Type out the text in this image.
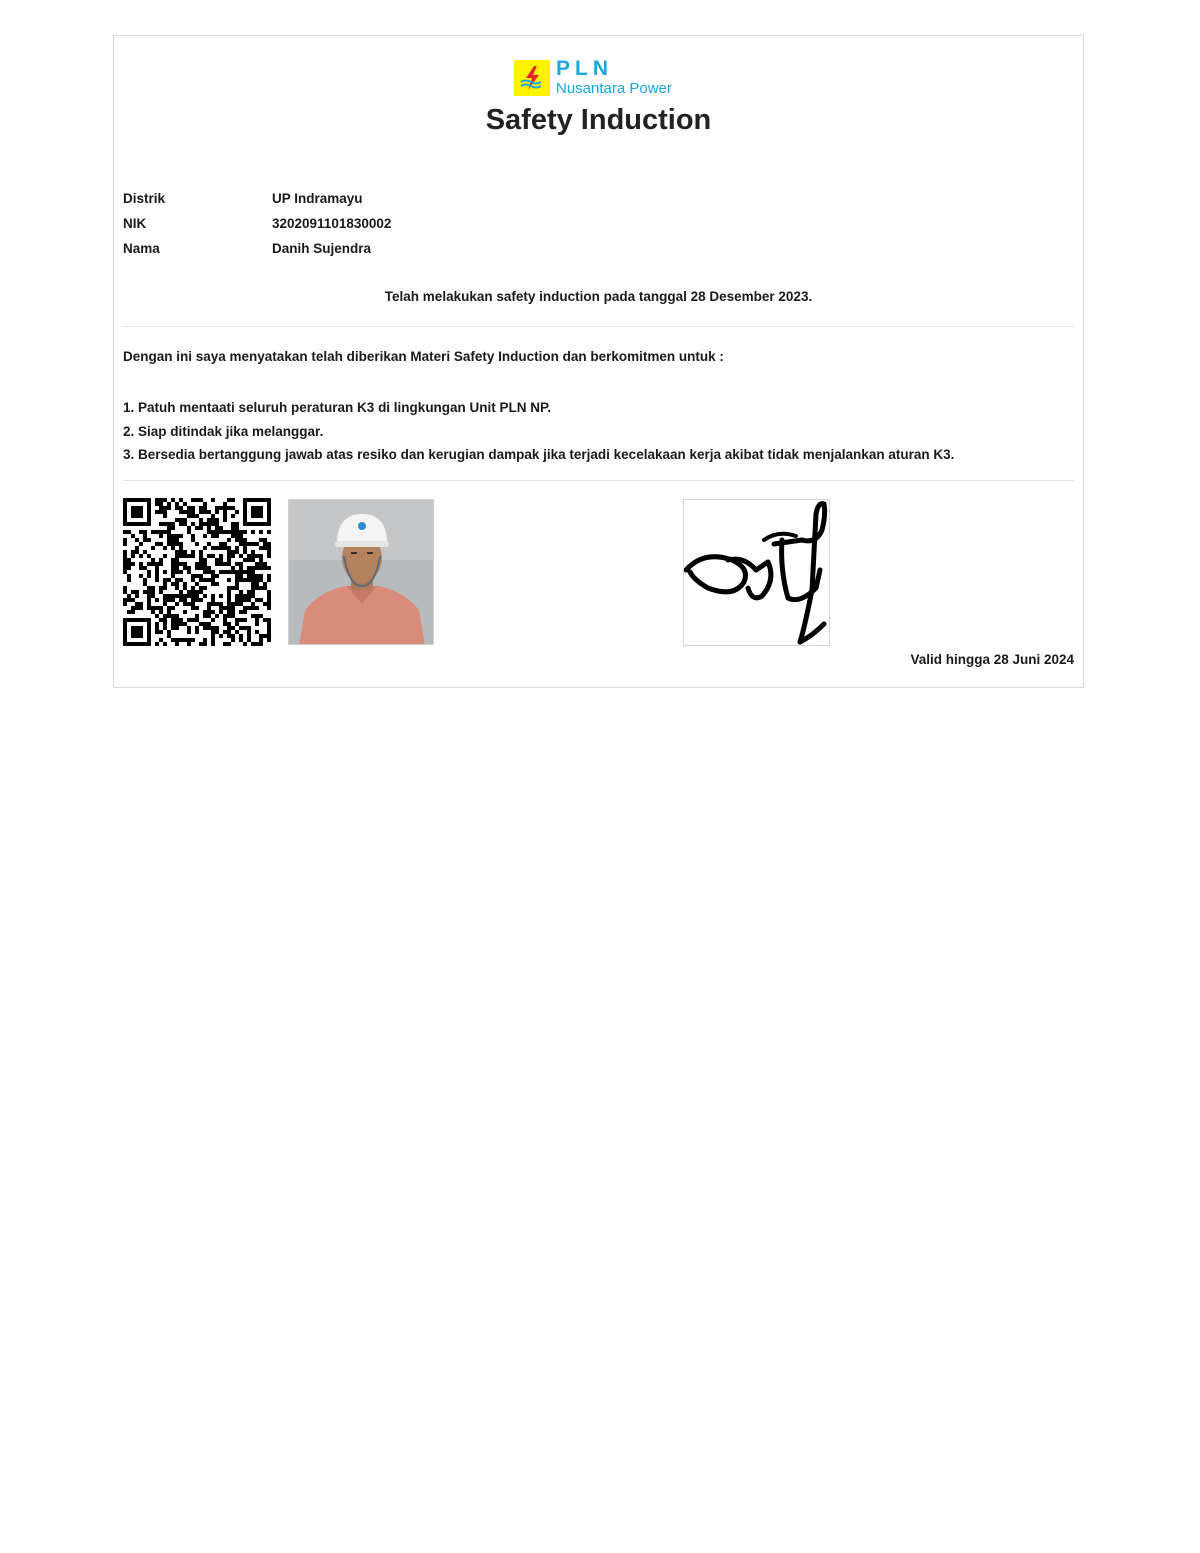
PLN
Nusantara Power
Safety Induction
Distrik	UP Indramayu
NIK	3202091101830002
Nama	Danih Sujendra
Telah melakukan safety induction pada tanggal 28 Desember 2023.
Dengan ini saya menyatakan telah diberikan Materi Safety Induction dan berkomitmen untuk :
1. Patuh mentaati seluruh peraturan K3 di lingkungan Unit PLN NP.
2. Siap ditindak jika melanggar.
3. Bersedia bertanggung jawab atas resiko dan kerugian dampak jika terjadi kecelakaan kerja akibat tidak menjalankan aturan K3.
Valid hingga 28 Juni 2024
